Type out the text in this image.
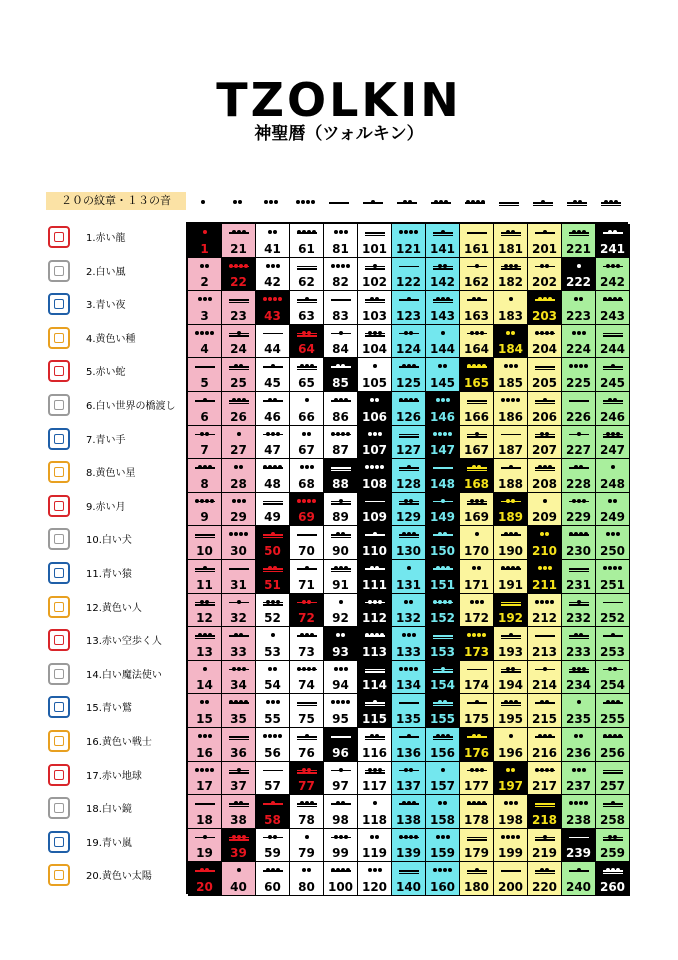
TZOLKIN
神聖暦（ツォルキン）
２０の紋章・１３の音
1.赤い龍
2.白い風
3.青い夜
4.黄色い種
5.赤い蛇
6.白い世界の橋渡し
7.青い手
8.黄色い星
9.赤い月
10.白い犬
11.青い猿
12.黄色い人
13.赤い空歩く人
14.白い魔法使い
15.青い鷲
16.黄色い戦士
17.赤い地球
18.白い鏡
19.青い嵐
20.黄色い太陽
1
2
3
4
5
6
7
8
9
10
11
12
13
14
15
16
17
18
19
20
21
22
23
24
25
26
27
28
29
30
31
32
33
34
35
36
37
38
39
40
41
42
43
44
45
46
47
48
49
50
51
52
53
54
55
56
57
58
59
60
61
62
63
64
65
66
67
68
69
70
71
72
73
74
75
76
77
78
79
80
81
82
83
84
85
86
87
88
89
90
91
92
93
94
95
96
97
98
99
100
101
102
103
104
105
106
107
108
109
110
111
112
113
114
115
116
117
118
119
120
121
122
123
124
125
126
127
128
129
130
131
132
133
134
135
136
137
138
139
140
141
142
143
144
145
146
147
148
149
150
151
152
153
154
155
156
157
158
159
160
161
162
163
164
165
166
167
168
169
170
171
172
173
174
175
176
177
178
179
180
181
182
183
184
185
186
187
188
189
190
191
192
193
194
195
196
197
198
199
200
201
202
203
204
205
206
207
208
209
210
211
212
213
214
215
216
217
218
219
220
221
222
223
224
225
226
227
228
229
230
231
232
233
234
235
236
237
238
239
240
241
242
243
244
245
246
247
248
249
250
251
252
253
254
255
256
257
258
259
260
